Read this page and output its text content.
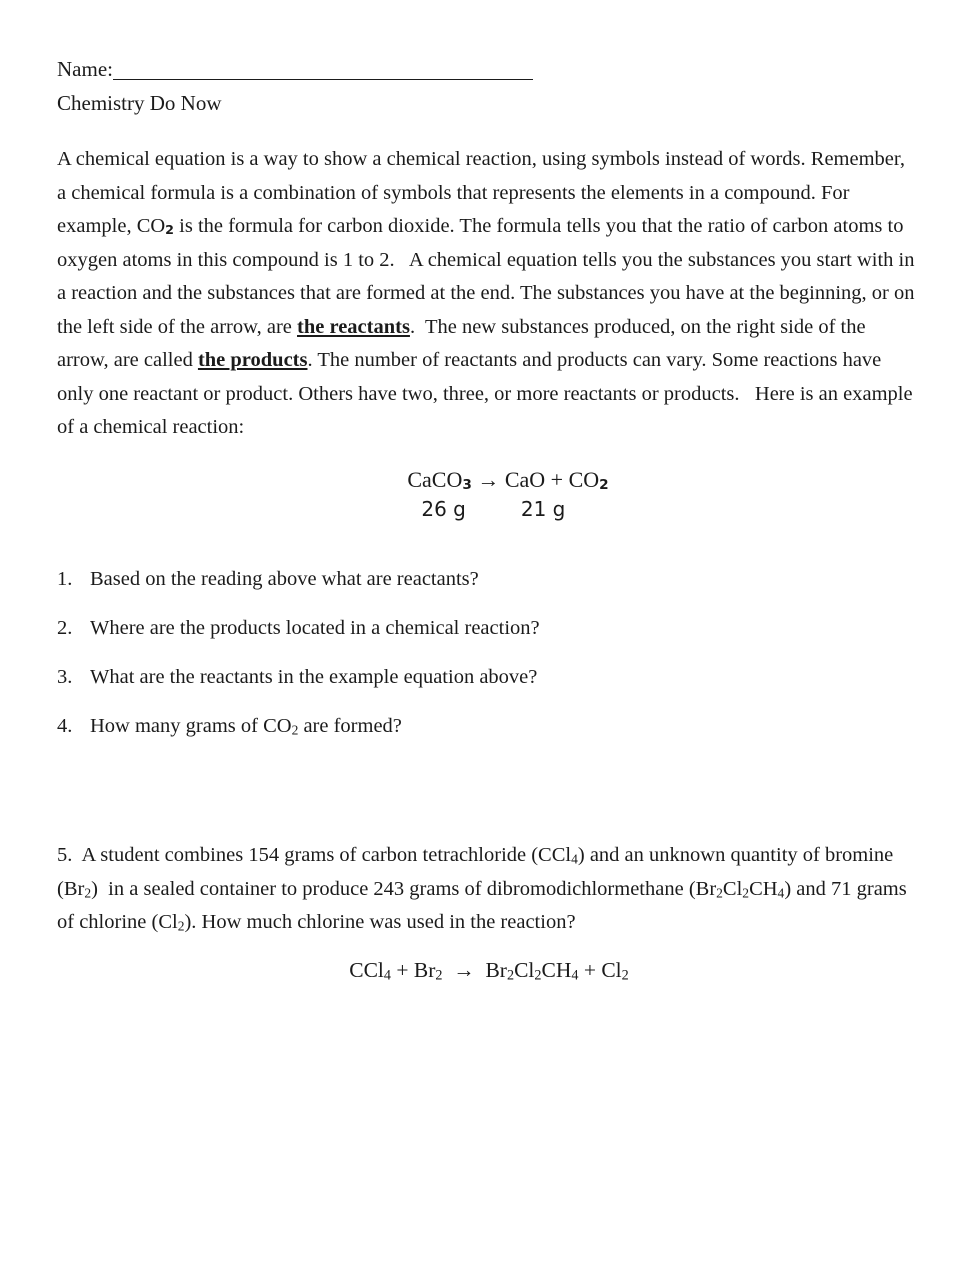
Name:
Chemistry Do Now
A chemical equation is a way to show a chemical reaction, using symbols instead of words. Remember, a chemical formula is a combination of symbols that represents the elements in a compound. For example, CO2 is the formula for carbon dioxide. The formula tells you that the ratio of carbon atoms to oxygen atoms in this compound is 1 to 2.   A chemical equation tells you the substances you start with in a reaction and the substances that are formed at the end. The substances you have at the beginning, or on the left side of the arrow, are the reactants.  The new substances produced, on the right side of the arrow, are called the products. The number of reactants and products can vary. Some reactions have only one reactant or product. Others have two, three, or more reactants or products.   Here is an example of a chemical reaction:
CaCO3 → CaO + CO2
26 g	21 g
1. Based on the reading above what are reactants?
2. Where are the products located in a chemical reaction?
3. What are the reactants in the example equation above?
4. How many grams of CO2 are formed?
5.  A student combines 154 grams of carbon tetrachloride (CCl4) and an unknown quantity of bromine (Br2)  in a sealed container to produce 243 grams of dibromodichlormethane (Br2Cl2CH4) and 71 grams of chlorine (Cl2). How much chlorine was used in the reaction?
CCl4 + Br2  →  Br2Cl2CH4 + Cl2
